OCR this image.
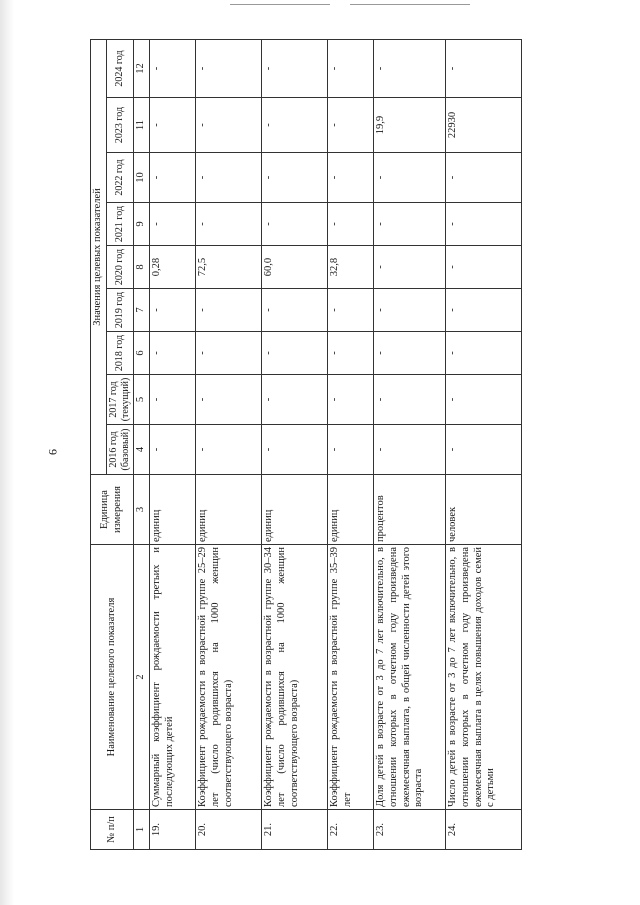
9
№ п/п	Наименование целевого показателя	Единица измерения	Значения целевых показателей								
			2016 год (базовый)	2017 год (текущий)	2018 год	2019 год	2020 год	2021 год	2022 год	2023 год	2024 год
1	2	3	4	5	6	7	8	9	10	11	12
19.	Суммарный коэффициент рождаемости третьих и последующих детей	единиц	-	-	-	-	0,28	-	-	-	-
20.	Коэффициент рождаемости в возрастной группе 25–29 лет (число родившихся на 1000 женщин соответствующего возраста)	единиц	-	-	-	-	72,5	-	-	-	-
21.	Коэффициент рождаемости в возрастной группе 30–34 лет (число родившихся на 1000 женщин соответствующего возраста)	единиц	-	-	-	-	60,0	-	-	-	-
22.	Коэффициент рождаемости в возрастной группе 35–39 лет	единиц	-	-	-	-	32,8	-	-	-	-
23.	Доля детей в возрасте от 3 до 7 лет включительно, в отношении которых в отчетном году произведена ежемесячная выплата, в общей численности детей этого возраста	процентов	-	-	-	-	-	-	-	19,9	-
24.	Число детей в возрасте от 3 до 7 лет включительно, в отношении которых в отчетном году произведена ежемесячная выплата в целях повышения доходов семей с детьми	человек	-	-	-	-	-	-	-	22930	-
